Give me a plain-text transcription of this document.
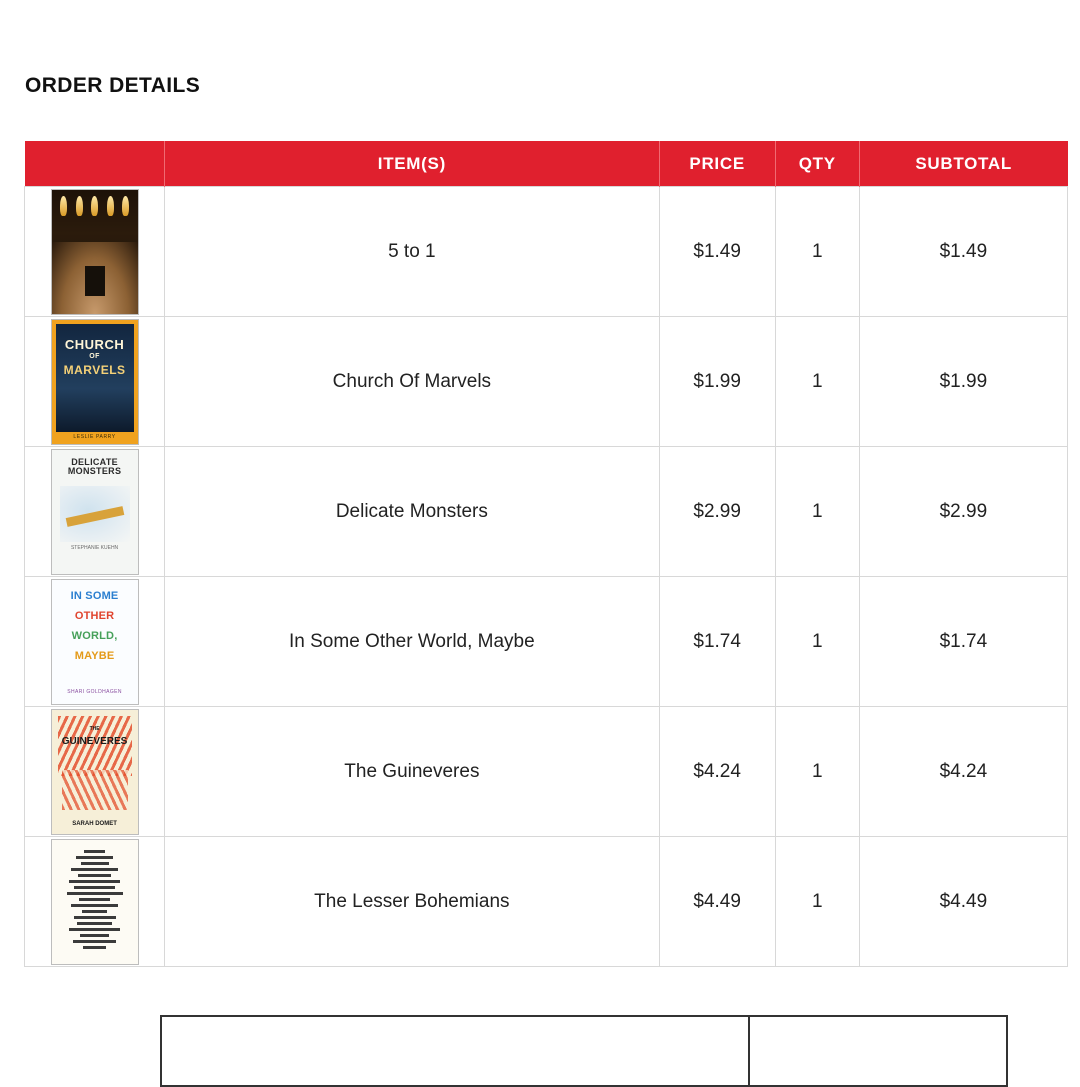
ORDER DETAILS
	ITEM(S)	PRICE	QTY	SUBTOTAL

	5 to 1	$1.49	1	$1.49

CHURCH
OF
MARVELS
LESLIE PARRY	Church Of Marvels	$1.99	1	$1.99

DELICATE MONSTERS
STEPHANIE KUEHN	Delicate Monsters	$2.99	1	$2.99

IN SOME
OTHER
WORLD,
MAYBE
SHARI GOLDHAGEN	In Some Other World, Maybe	$1.74	1	$1.74

THE
GUINEVERES
SARAH DOMET	The Guineveres	$4.24	1	$4.24

	The Lesser Bohemians	$4.49	1	$4.49
